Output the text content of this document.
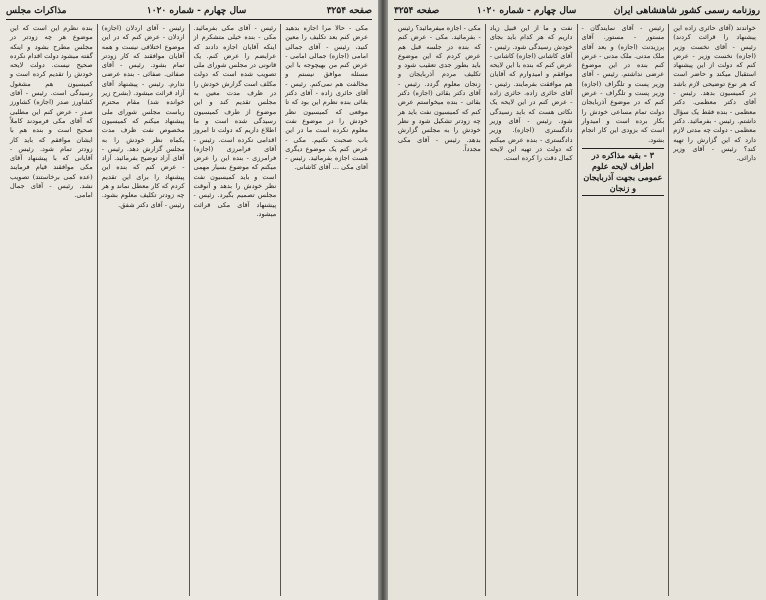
صفحه ۳۲۵۴
سال چهارم - شماره ۱۰۲۰
مذاکرات مجلس

مکی - حالا مرا اجازه بدهید عرض کنم بعد تکلیف را معین کنید، رئیس - آقای جمالی امامی (اجازه) جمالی امامی - عرض کنم من بهیچوجه با این مسئله موافق نیستم و مخالفت هم نمی‌کنم. رئیس - آقای حائری زاده - آقای دکتر بقائی بنده نظرم این بود که تا موقعی که کمیسیون نظر خودش را در موضوع نفت معلوم نکرده است ما در این باب صحبت نکنیم. مکی - عرض کنم یک موضوع دیگری هست اجازه بفرمائید. رئیس - آقای مکی ... آقای کاشانی.

رئیس - آقای مکی بفرمائید. مکی - بنده خیلی متشکرم از اینکه آقایان اجازه دادند که عرایضم را عرض کنم. یک قانونی در مجلس شورای ملی تصویب شده است که دولت مکلف است گزارش خودش را در ظرف مدت معین به مجلس تقدیم کند و این موضوع از طرف کمیسیون رسیدگی شده است و ما اطلاع داریم که دولت تا امروز اقدامی نکرده است. رئیس - آقای فرامرزی (اجازه) فرامرزی - بنده این را عرض میکنم که موضوع بسیار مهمی است و باید کمیسیون نفت نظر خودش را بدهد و آنوقت مجلس تصمیم بگیرد. رئیس - پیشنهاد آقای مکی قرائت میشود.

رئیس - آقای اردلان (اجازه) اردلان - عرض کنم که در این موضوع اختلافی نیست و همه آقایان موافقند که کار زودتر تمام بشود. رئیس - آقای صفائی. صفائی - بنده عرضی ندارم. رئیس - پیشنهاد آقای آزاد قرائت میشود. (بشرح زیر خوانده شد) مقام محترم ریاست مجلس شورای ملی پیشنهاد میکنم که کمیسیون مخصوص نفت ظرف مدت یکماه نظر خودش را به مجلس گزارش دهد. رئیس - آقای آزاد توضیح بفرمائید. آزاد - عرض کنم که بنده این پیشنهاد را برای این تقدیم کردم که کار معطل نماند و هر چه زودتر تکلیف معلوم بشود. رئیس - آقای دکتر شفق.

بنده نظرم این است که این موضوع هر چه زودتر در مجلس مطرح بشود و اینکه گفته میشود دولت اقدام نکرده صحیح نیست. دولت لایحه خودش را تقدیم کرده است و کمیسیون هم مشغول رسیدگی است. رئیس - آقای کشاورز صدر (اجازه) کشاورز صدر - عرض کنم این مطلبی که آقای مکی فرمودند کاملاً صحیح است و بنده هم با ایشان موافقم که باید کار زودتر تمام شود. رئیس - آقایانی که با پیشنهاد آقای مکی موافقند قیام فرمایند (عده کمی برخاستند) تصویب نشد. رئیس - آقای جمال امامی.

روزنامه رسمی کشور شاهنشاهی ایران
سال چهارم - شماره ۱۰۲۰
صفحه ۳۲۵۴

خواندند (آقای حائری زاده این پیشنهاد را قرائت کردند) رئیس - آقای نخست وزیر (اجازه) نخست وزیر - عرض کنم که دولت از این پیشنهاد استقبال میکند و حاضر است که هر نوع توضیحی لازم باشد در کمیسیون بدهد. رئیس - آقای دکتر معظمی. دکتر معظمی - بنده فقط یک سؤال داشتم. رئیس - بفرمائید. دکتر معظمی - دولت چه مدتی لازم دارد که این گزارش را تهیه کند؟ رئیس - آقای وزیر دارائی.

رئیس - آقای نمایندگان - مستور - مستور. آقای پرزیدنت (اجازه) و بعد آقای ملک مدنی. ملک مدنی - عرض کنم بنده در این موضوع عرضی نداشتم. رئیس - آقای وزیر پست و تلگراف (اجازه) وزیر پست و تلگراف - عرض کنم که در موضوع آذربایجان دولت تمام مساعی خودش را بکار برده است و امیدوار است که بزودی این کار انجام بشود.

۳ - بقیه مذاکره در اطراف لایحه علوم عمومی بجهت آذربایجان و زنجان

نفت و ما از این قبیل زیاد داریم که هر کدام باید بجای خودش رسیدگی شود. رئیس - آقای کاشانی (اجازه) کاشانی - عرض کنم که بنده با این لایحه موافقم و امیدوارم که آقایان هم موافقت بفرمایند. رئیس - آقای حائری زاده. حائری زاده - عرض کنم در این لایحه یک نکاتی هست که باید رسیدگی شود. رئیس - آقای وزیر دادگستری (اجازه). وزیر دادگستری - بنده عرض میکنم که دولت در تهیه این لایحه کمال دقت را کرده است.

مکی - اجازه میفرمائید؟ رئیس - بفرمائید. مکی - عرض کنم که بنده در جلسه قبل هم عرض کردم که این موضوع باید بطور جدی تعقیب شود و تکلیف مردم آذربایجان و زنجان معلوم گردد. رئیس - آقای دکتر بقائی (اجازه) دکتر بقائی - بنده میخواستم عرض کنم که کمیسیون نفت باید هر چه زودتر تشکیل شود و نظر خودش را به مجلس گزارش بدهد. رئیس - آقای مکی مجدداً.
